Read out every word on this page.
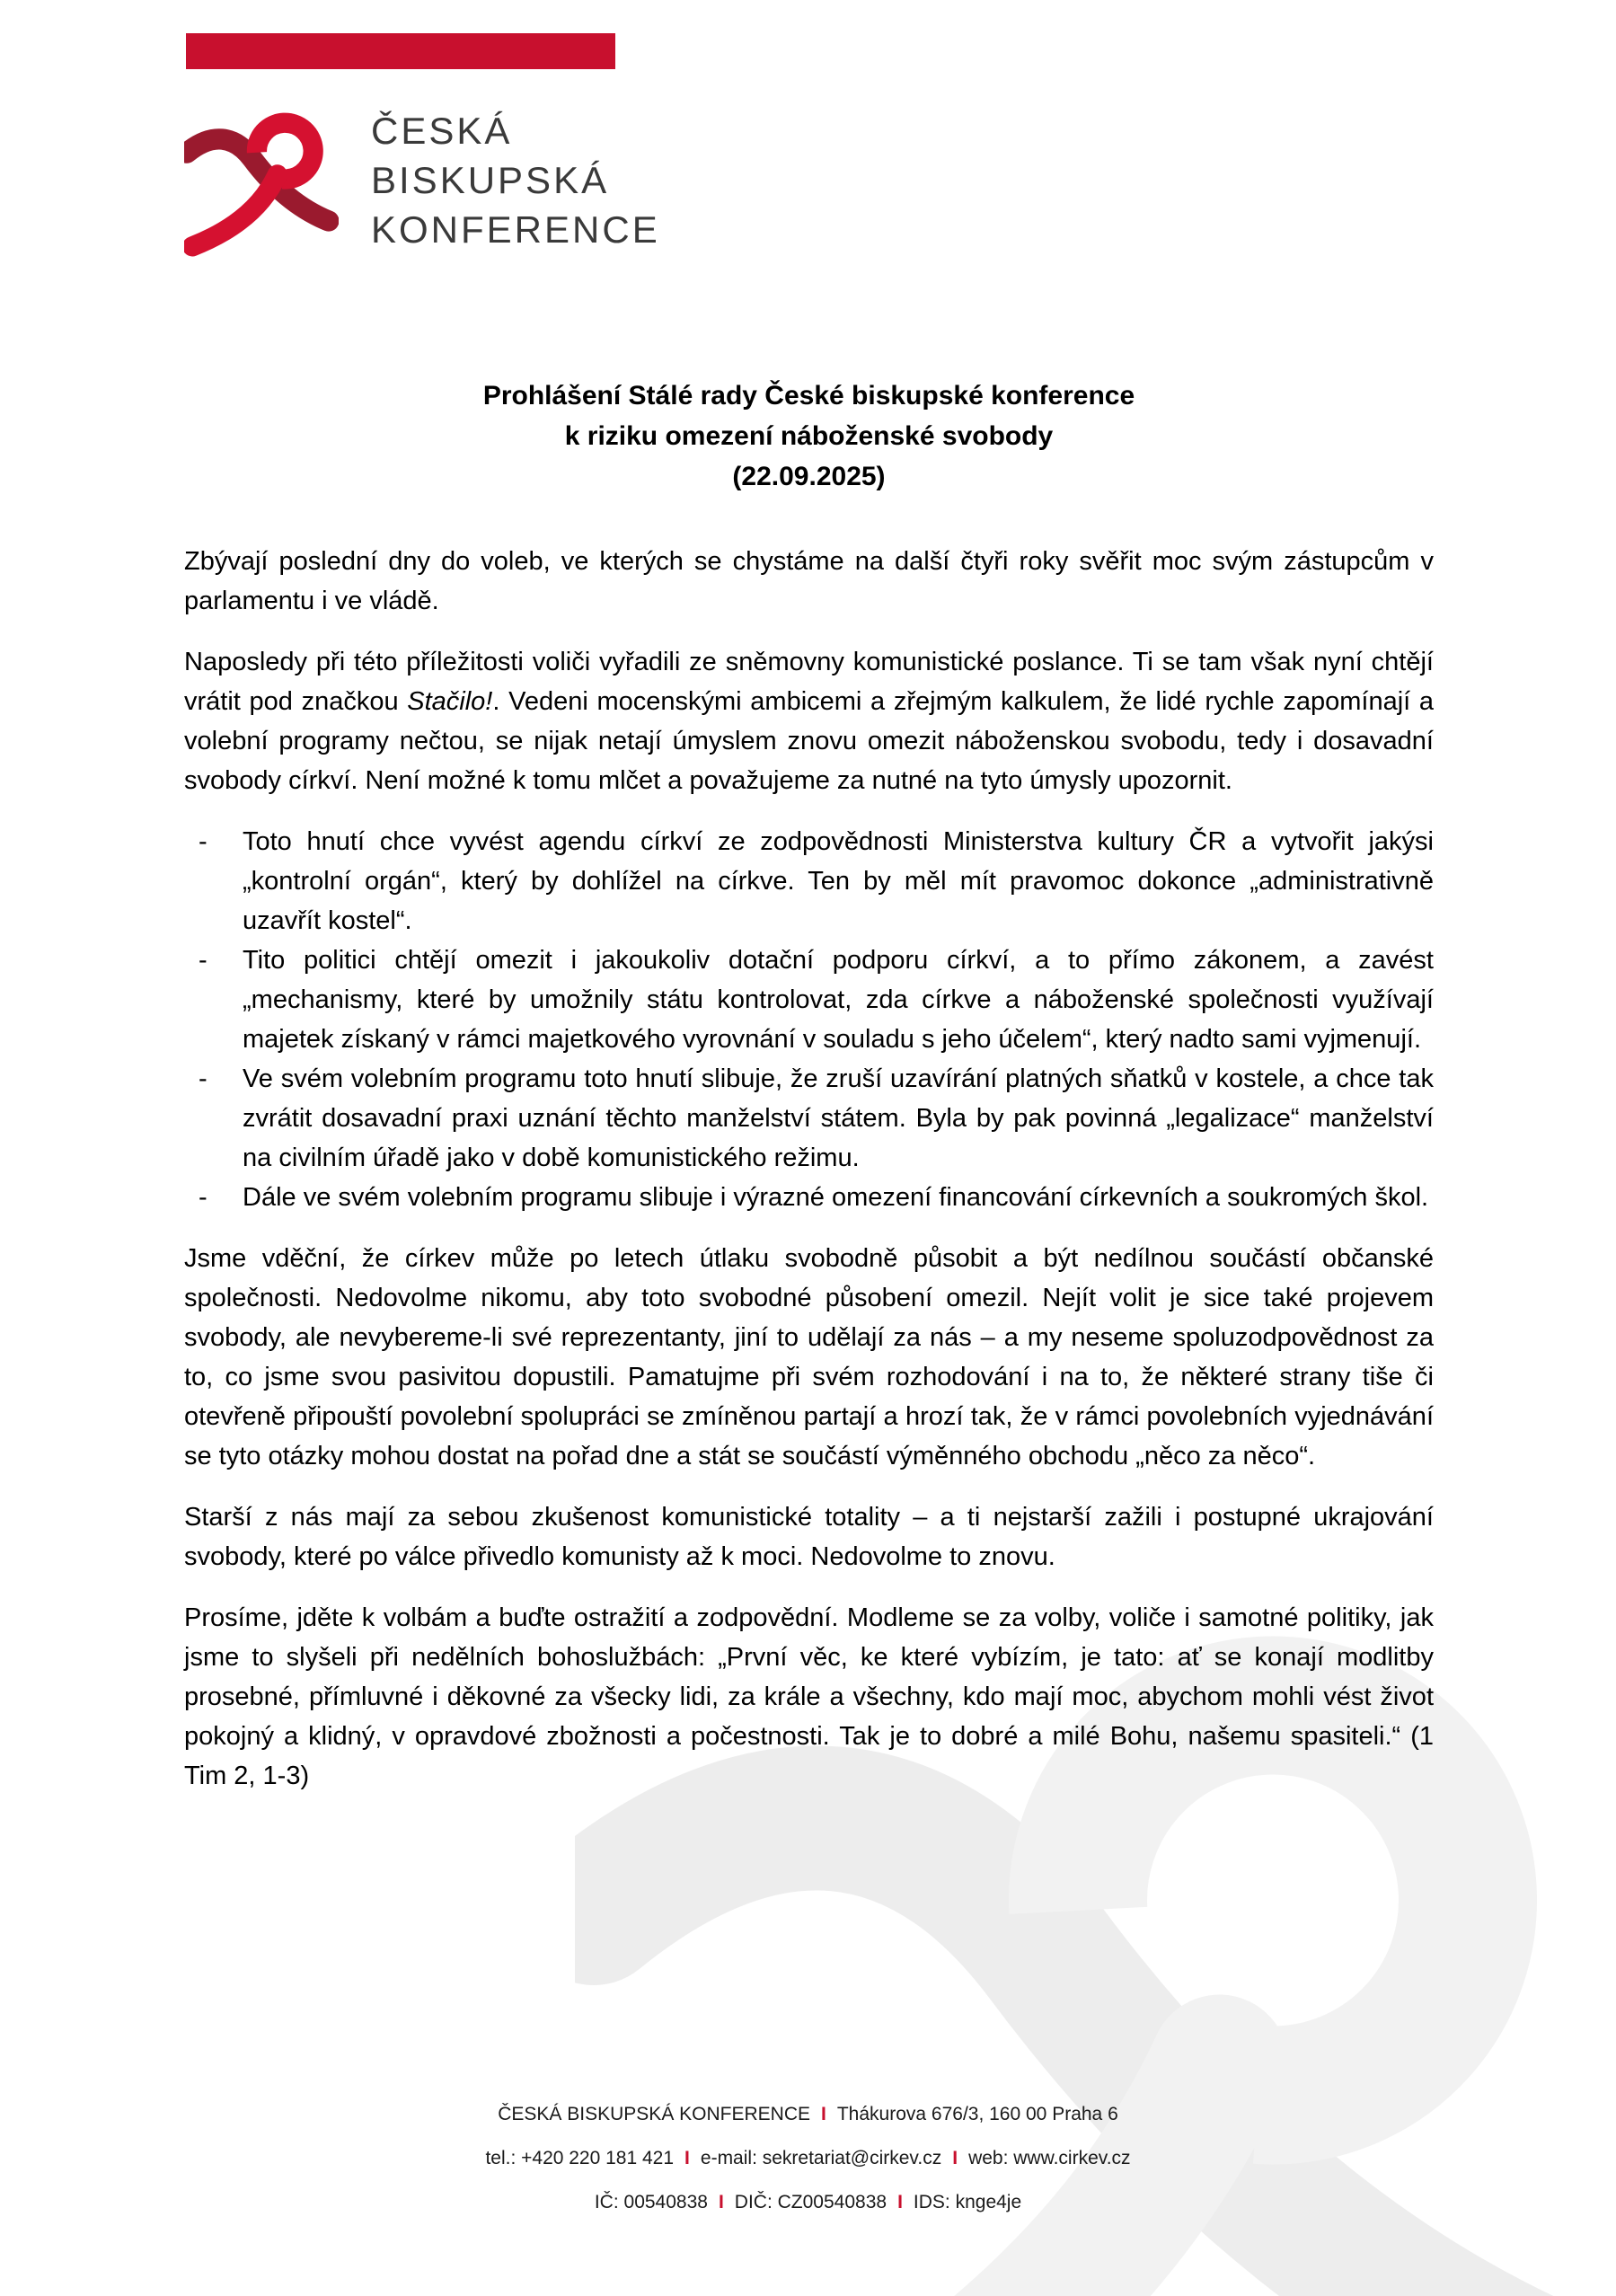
ČESKÁ
BISKUPSKÁ
KONFERENCE
Prohlášení Stálé rady České biskupské konference
k riziku omezení náboženské svobody
(22.09.2025)

Zbývají poslední dny do voleb, ve kterých se chystáme na další čtyři roky svěřit moc svým zástupcům v parlamentu i ve vládě.

Naposledy při této příležitosti voliči vyřadili ze sněmovny komunistické poslance. Ti se tam však nyní chtějí vrátit pod značkou Stačilo!. Vedeni mocenskými ambicemi a zřejmým kalkulem, že lidé rychle zapomínají a volební programy nečtou, se nijak netají úmyslem znovu omezit náboženskou svobodu, tedy i dosavadní svobody církví. Není možné k tomu mlčet a považujeme za nutné na tyto úmysly upozornit.

-	Toto hnutí chce vyvést agendu církví ze zodpovědnosti Ministerstva kultury ČR a vytvořit jakýsi „kontrolní orgán“, který by dohlížel na církve. Ten by měl mít pravomoc dokonce „administrativně uzavřít kostel“.
-	Tito politici chtějí omezit i jakoukoliv dotační podporu církví, a to přímo zákonem, a zavést „mechanismy, které by umožnily státu kontrolovat, zda církve a náboženské společnosti využívají majetek získaný v rámci majetkového vyrovnání v souladu s jeho účelem“, který nadto sami vyjmenují.
-	Ve svém volebním programu toto hnutí slibuje, že zruší uzavírání platných sňatků v kostele, a chce tak zvrátit dosavadní praxi uznání těchto manželství státem. Byla by pak povinná „legalizace“ manželství na civilním úřadě jako v době komunistického režimu.
-	Dále ve svém volebním programu slibuje i výrazné omezení financování církevních a soukromých škol.

Jsme vděční, že církev může po letech útlaku svobodně působit a být nedílnou součástí občanské společnosti. Nedovolme nikomu, aby toto svobodné působení omezil. Nejít volit je sice také projevem svobody, ale nevybereme-li své reprezentanty, jiní to udělají za nás – a my neseme spoluzodpovědnost za to, co jsme svou pasivitou dopustili. Pamatujme při svém rozhodování i na to, že některé strany tiše či otevřeně připouští povolební spolupráci se zmíněnou partají a hrozí tak, že v rámci povolebních vyjednávání se tyto otázky mohou dostat na pořad dne a stát se součástí výměnného obchodu „něco za něco“.

Starší z nás mají za sebou zkušenost komunistické totality – a ti nejstarší zažili i postupné ukrajování svobody, které po válce přivedlo komunisty až k moci. Nedovolme to znovu.

Prosíme, jděte k volbám a buďte ostražití a zodpovědní. Modleme se za volby, voliče i samotné politiky, jak jsme to slyšeli při nedělních bohoslužbách: „První věc, ke které vybízím, je tato: ať se konají modlitby prosebné, přímluvné i děkovné za všecky lidi, za krále a všechny, kdo mají moc, abychom mohli vést život pokojný a klidný, v opravdové zbožnosti a počestnosti. Tak je to dobré a milé Bohu, našemu spasiteli.“ (1 Tim 2, 1-3)

ČESKÁ BISKUPSKÁ KONFERENCE I Thákurova 676/3, 160 00 Praha 6
tel.: +420 220 181 421 I e-mail: sekretariat@cirkev.cz I web: www.cirkev.cz
IČ: 00540838 I DIČ: CZ00540838 I IDS: knge4je
